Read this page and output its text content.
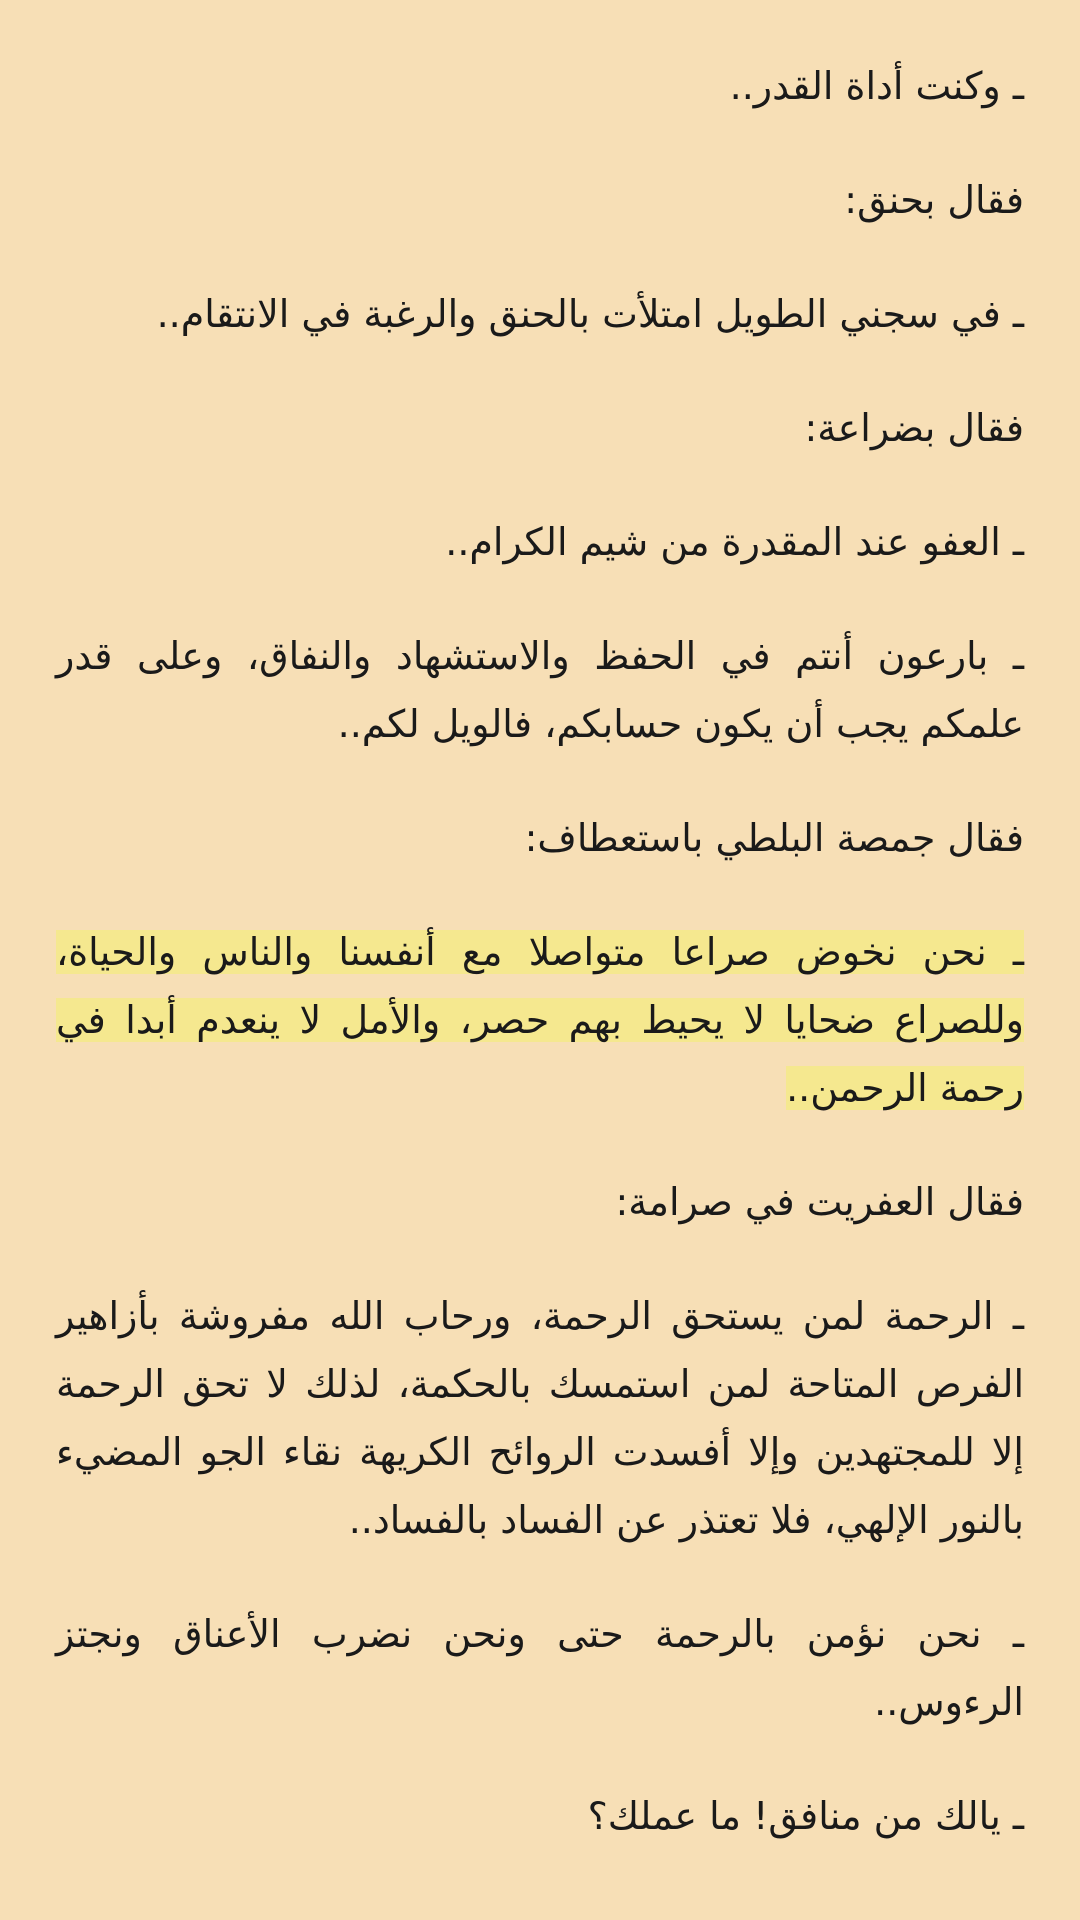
ـ وكنت أداة القدر..

فقال بحنق:

ـ في سجني الطويل امتلأت بالحنق والرغبة في الانتقام..

فقال بضراعة:

ـ العفو عند المقدرة من شيم الكرام..

ـ بارعون أنتم في الحفظ والاستشهاد والنفاق، وعلى قدر علمكم يجب أن يكون حسابكم، فالويل لكم..

فقال جمصة البلطي باستعطاف:

ـ نحن نخوض صراعا متواصلا مع أنفسنا والناس والحياة، وللصراع ضحايا لا يحيط بهم حصر، والأمل لا ينعدم أبدا في رحمة الرحمن..

فقال العفريت في صرامة:

ـ الرحمة لمن يستحق الرحمة، ورحاب الله مفروشة بأزاهير الفرص المتاحة لمن استمسك بالحكمة، لذلك لا تحق الرحمة إلا للمجتهدين وإلا أفسدت الروائح الكريهة نقاء الجو المضيء بالنور الإلهي، فلا تعتذر عن الفساد بالفساد..

ـ نحن نؤمن بالرحمة حتى ونحن نضرب الأعناق ونجتز الرءوس..

ـ يالك من منافق! ما عملك؟
